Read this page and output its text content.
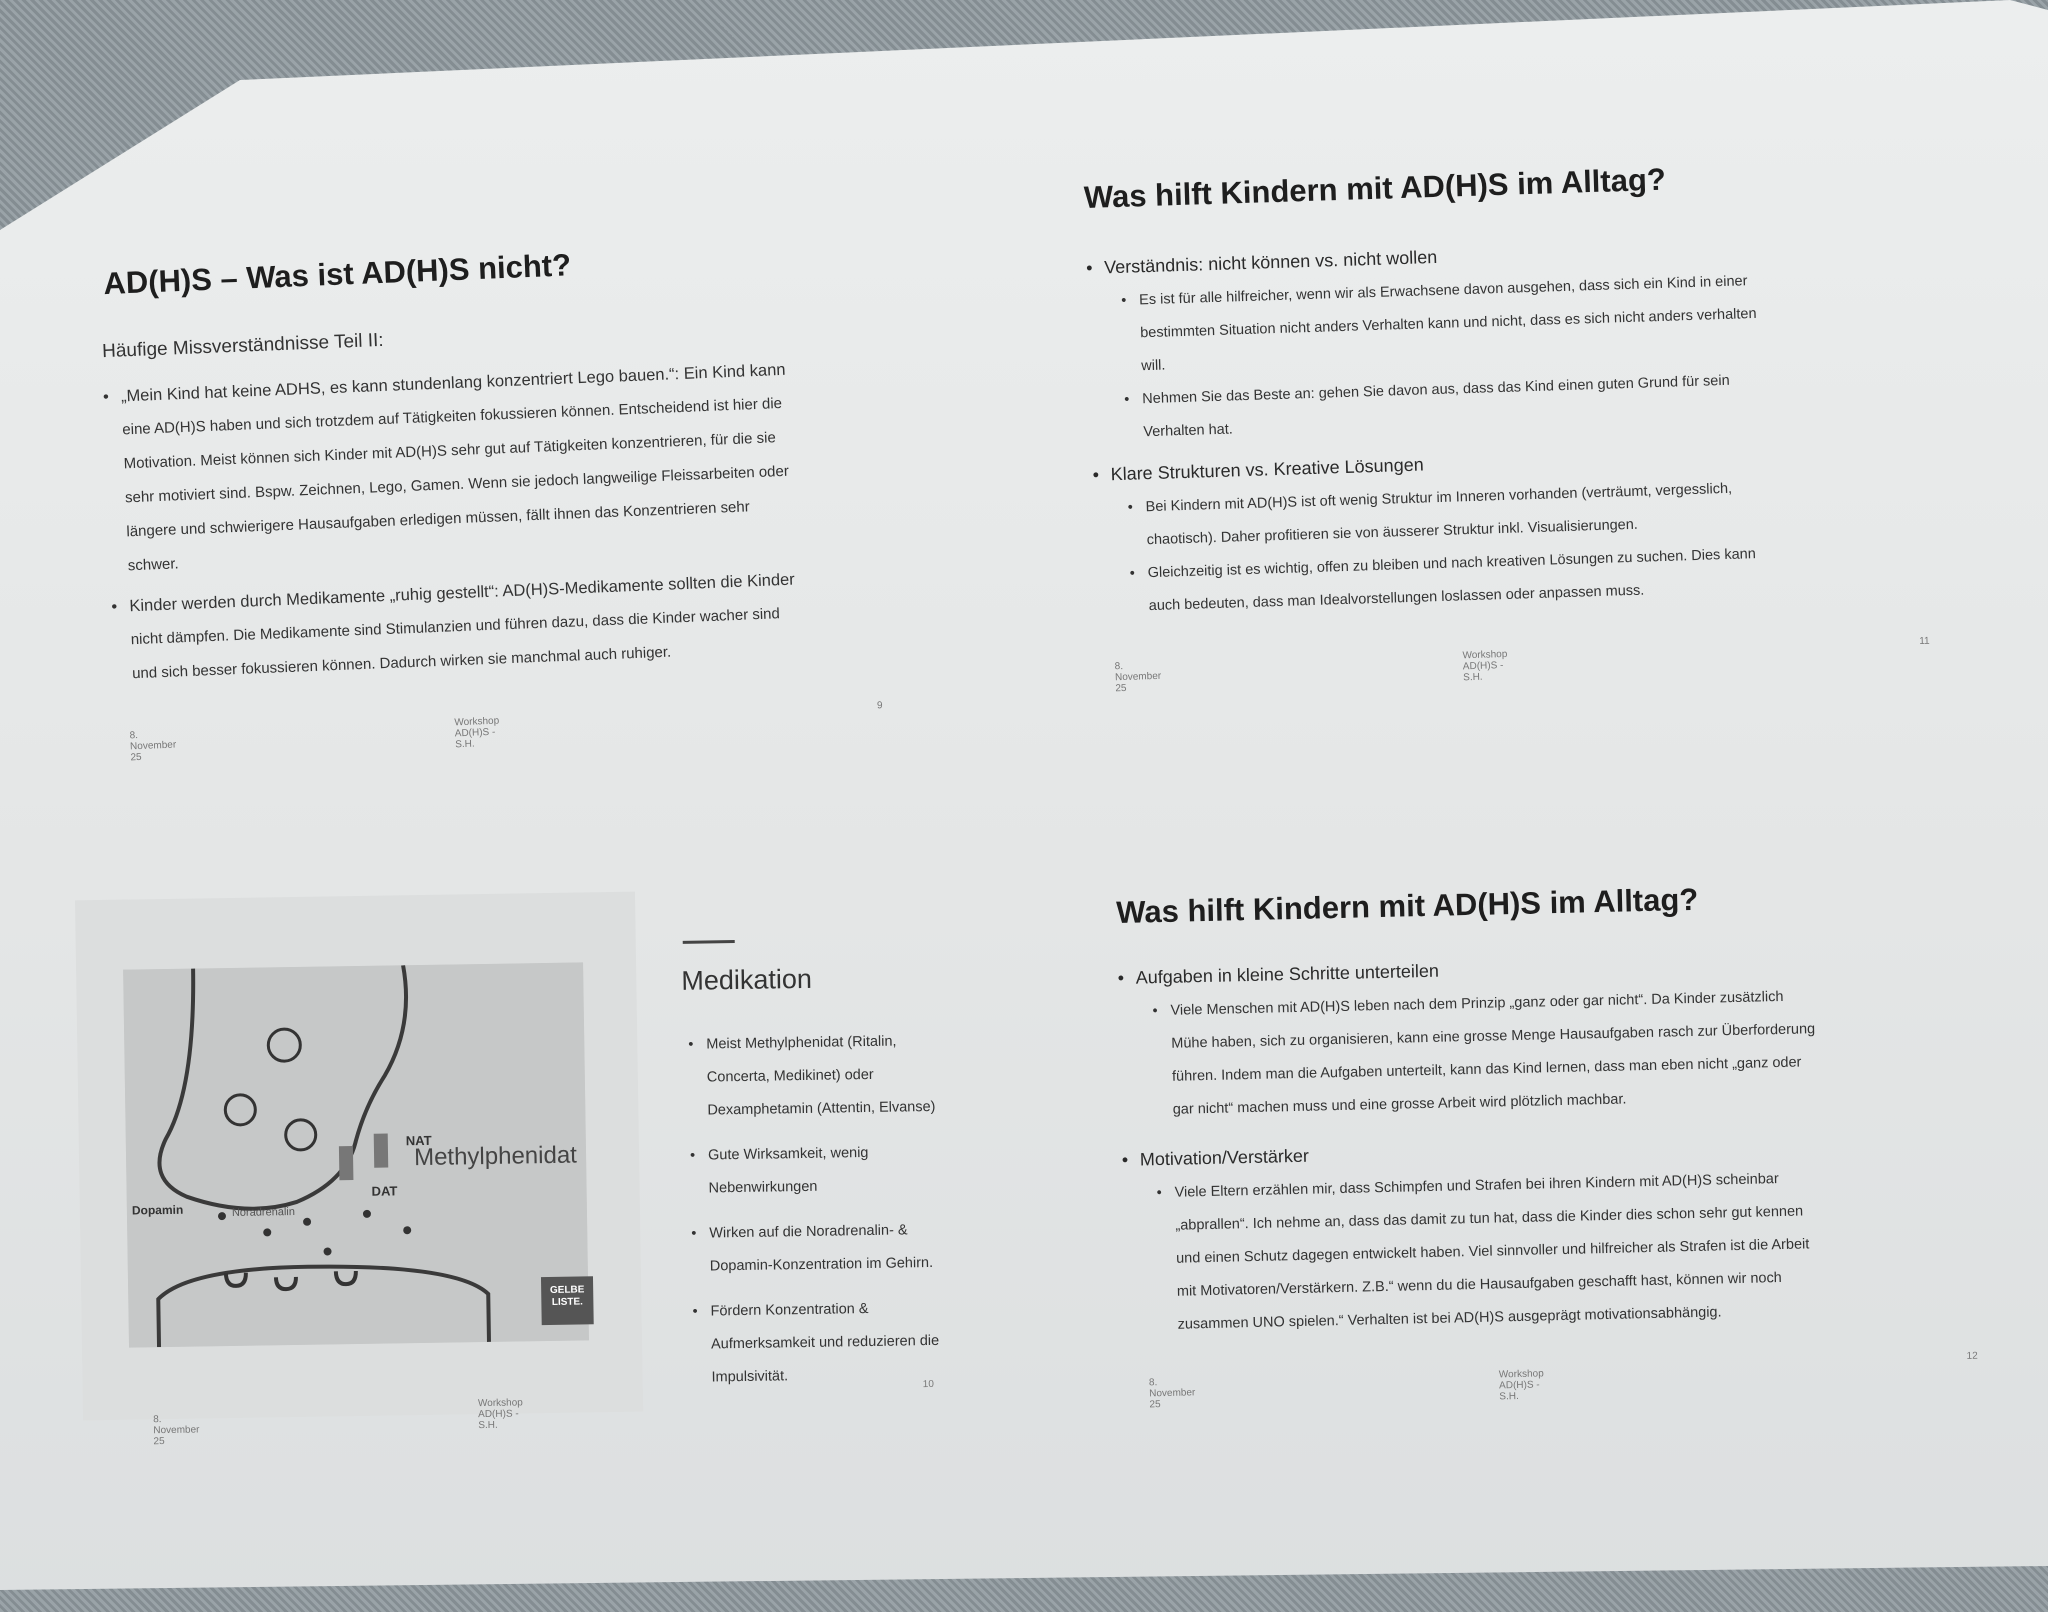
AD(H)S – Was ist AD(H)S nicht?
Häufige Missverständnisse Teil II:
• „Mein Kind hat keine ADHS, es kann stundenlang konzentriert Lego bauen.“: Ein Kind kann
eine AD(H)S haben und sich trotzdem auf Tätigkeiten fokussieren können. Entscheidend ist hier die
Motivation. Meist können sich Kinder mit AD(H)S sehr gut auf Tätigkeiten konzentrieren, für die sie
sehr motiviert sind. Bspw. Zeichnen, Lego, Gamen. Wenn sie jedoch langweilige Fleissarbeiten oder
längere und schwierigere Hausaufgaben erledigen müssen, fällt ihnen das Konzentrieren sehr
schwer.
• Kinder werden durch Medikamente „ruhig gestellt“: AD(H)S-Medikamente sollten die Kinder
nicht dämpfen. Die Medikamente sind Stimulanzien und führen dazu, dass die Kinder wacher sind
und sich besser fokussieren können. Dadurch wirken sie manchmal auch ruhiger.
8. November 25
Workshop AD(H)S - S.H.
9
Was hilft Kindern mit AD(H)S im Alltag?
• Verständnis: nicht können vs. nicht wollen
• Es ist für alle hilfreicher, wenn wir als Erwachsene davon ausgehen, dass sich ein Kind in einer
bestimmten Situation nicht anders Verhalten kann und nicht, dass es sich nicht anders verhalten
will.
• Nehmen Sie das Beste an: gehen Sie davon aus, dass das Kind einen guten Grund für sein
Verhalten hat.
• Klare Strukturen vs. Kreative Lösungen
• Bei Kindern mit AD(H)S ist oft wenig Struktur im Inneren vorhanden (verträumt, vergesslich,
chaotisch). Daher profitieren sie von äusserer Struktur inkl. Visualisierungen.
• Gleichzeitig ist es wichtig, offen zu bleiben und nach kreativen Lösungen zu suchen. Dies kann
auch bedeuten, dass man Idealvorstellungen loslassen oder anpassen muss.
8. November 25
Workshop AD(H)S - S.H.
11
Methylphenidat
NAT
DAT
Dopamin	Noradrenalin
GELBE LISTE.
Medikation
• Meist Methylphenidat (Ritalin,
Concerta, Medikinet) oder
Dexamphetamin (Attentin, Elvanse)
• Gute Wirksamkeit, wenig
Nebenwirkungen
• Wirken auf die Noradrenalin- &
Dopamin-Konzentration im Gehirn.
• Fördern Konzentration &
Aufmerksamkeit und reduzieren die
Impulsivität.
8. November 25
Workshop AD(H)S - S.H.
10
Was hilft Kindern mit AD(H)S im Alltag?
• Aufgaben in kleine Schritte unterteilen
• Viele Menschen mit AD(H)S leben nach dem Prinzip „ganz oder gar nicht“. Da Kinder zusätzlich
Mühe haben, sich zu organisieren, kann eine grosse Menge Hausaufgaben rasch zur Überforderung
führen. Indem man die Aufgaben unterteilt, kann das Kind lernen, dass man eben nicht „ganz oder
gar nicht“ machen muss und eine grosse Arbeit wird plötzlich machbar.
• Motivation/Verstärker
• Viele Eltern erzählen mir, dass Schimpfen und Strafen bei ihren Kindern mit AD(H)S scheinbar
„abprallen“. Ich nehme an, dass das damit zu tun hat, dass die Kinder dies schon sehr gut kennen
und einen Schutz dagegen entwickelt haben. Viel sinnvoller und hilfreicher als Strafen ist die Arbeit
mit Motivatoren/Verstärkern. Z.B.“ wenn du die Hausaufgaben geschafft hast, können wir noch
zusammen UNO spielen.“ Verhalten ist bei AD(H)S ausgeprägt motivationsabhängig.
8. November 25
Workshop AD(H)S - S.H.
12
